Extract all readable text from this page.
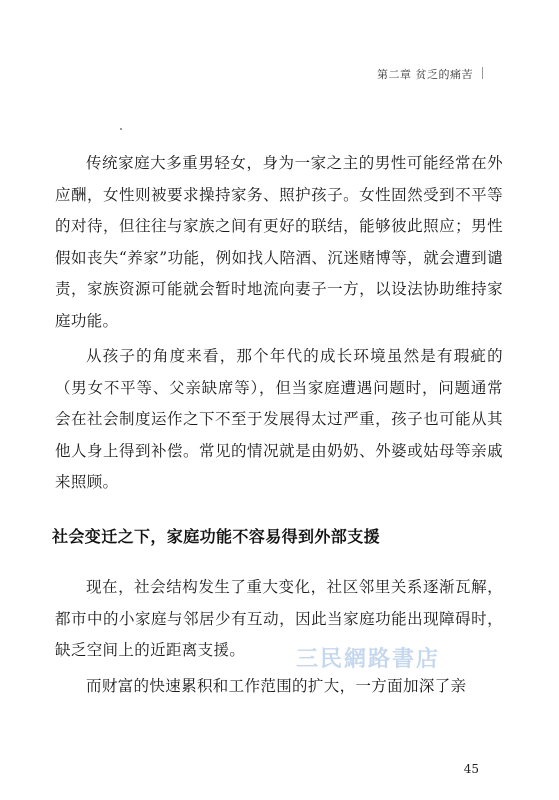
第二章 贫乏的痛苦

传统家庭大多重男轻女，身为一家之主的男性可能经常在外应酬，女性则被要求操持家务、照护孩子。女性固然受到不平等的对待，但往往与家族之间有更好的联结，能够彼此照应；男性假如丧失“养家”功能，例如找人陪酒、沉迷赌博等，就会遭到谴责，家族资源可能就会暂时地流向妻子一方，以设法协助维持家庭功能。

从孩子的角度来看，那个年代的成长环境虽然是有瑕疵的（男女不平等、父亲缺席等），但当家庭遭遇问题时，问题通常会在社会制度运作之下不至于发展得太过严重，孩子也可能从其他人身上得到补偿。常见的情况就是由奶奶、外婆或姑母等亲戚来照顾。

社会变迁之下，家庭功能不容易得到外部支援

现在，社会结构发生了重大变化，社区邻里关系逐渐瓦解，都市中的小家庭与邻居少有互动，因此当家庭功能出现障碍时，缺乏空间上的近距离支援。

而财富的快速累积和工作范围的扩大，一方面加深了亲

三民網路書店
45
